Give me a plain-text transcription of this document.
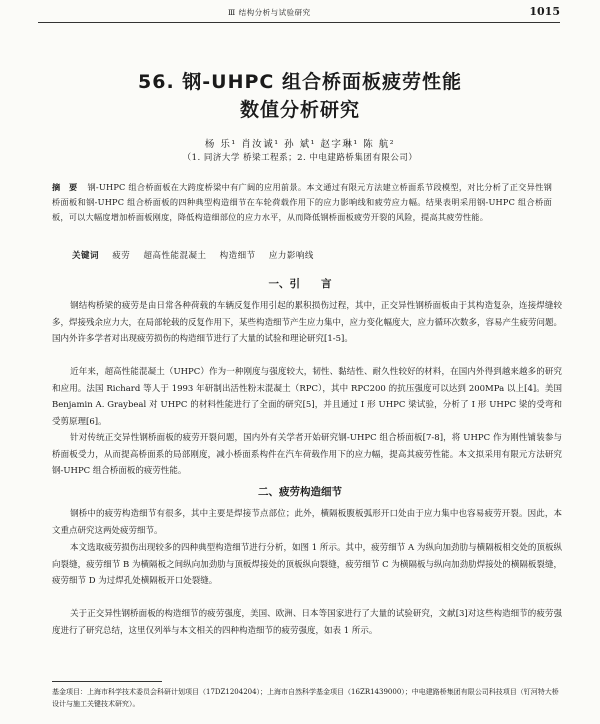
Ⅲ 结构分析与试验研究	1015
56. 钢-UHPC 组合桥面板疲劳性能
数值分析研究
杨 乐¹ 肖汝诚¹ 孙 斌¹ 赵字琳¹ 陈 航²
（1. 同济大学 桥梁工程系；2. 中电建路桥集团有限公司）
摘　要 钢-UHPC 组合桥面板在大跨度桥梁中有广阔的应用前景。本文通过有限元方法建立桥面系节段模型，对比分析了正交异性钢桥面板和钢-UHPC 组合桥面板的四种典型构造细节在车轮荷载作用下的应力影响线和疲劳应力幅。结果表明采用钢-UHPC 组合桥面板，可以大幅度增加桥面板刚度，降低构造细部位的应力水平，从而降低钢桥面板疲劳开裂的风险，提高其疲劳性能。
关键词 疲劳 超高性能混凝土 构造细节 应力影响线
一、引　　言

钢结构桥梁的疲劳是由日常各种荷载的车辆反复作用引起的累积损伤过程，其中，正交异性钢桥面板由于其构造复杂，连接焊缝较多，焊接残余应力大，在局部轮载的反复作用下，某些构造细节产生应力集中，应力变化幅度大，应力循环次数多，容易产生疲劳问题。国内外许多学者对出现疲劳损伤的构造细节进行了大量的试验和理论研究[1-5]。

近年来，超高性能混凝土（UHPC）作为一种刚度与强度较大，韧性、黏结性、耐久性较好的材料，在国内外得到越来越多的研究和应用。法国 Richard 等人于 1993 年研制出活性粉末混凝土（RPC），其中 RPC200 的抗压强度可以达到 200MPa 以上[4]。美国 Benjamin A. Graybeal 对 UHPC 的材料性能进行了全面的研究[5]，并且通过 I 形 UHPC 梁试验，分析了 I 形 UHPC 梁的受弯和受剪原理[6]。

针对传统正交异性钢桥面板的疲劳开裂问题，国内外有关学者开始研究钢-UHPC 组合桥面板[7-8]，将 UHPC 作为刚性铺装参与桥面板受力，从而提高桥面系的局部刚度，减小桥面系构件在汽车荷载作用下的应力幅，提高其疲劳性能。本文拟采用有限元方法研究钢-UHPC 组合桥面板的疲劳性能。

二、疲劳构造细节

钢桥中的疲劳构造细节有很多，其中主要是焊接节点部位；此外，横隔板腹板弧形开口处由于应力集中也容易疲劳开裂。因此，本文重点研究这两处疲劳细节。

本文选取疲劳损伤出现较多的四种典型构造细节进行分析，如图 1 所示。其中，疲劳细节 A 为纵向加劲肋与横隔板相交处的顶板纵向裂缝，疲劳细节 B 为横隔板之间纵向加劲肋与顶板焊接处的顶板纵向裂缝，疲劳细节 C 为横隔板与纵向加劲肋焊接处的横隔板裂缝，疲劳细节 D 为过焊孔处横隔板开口处裂缝。

关于正交异性钢桥面板的构造细节的疲劳强度，美国、欧洲、日本等国家进行了大量的试验研究，文献[3]对这些构造细节的疲劳强度进行了研究总结，这里仅列举与本文相关的四种构造细节的疲劳强度，如表 1 所示。

基金项目：上海市科学技术委员会科研计划项目（17DZ1204204）；上海市自然科学基金项目（16ZR1439000）；中电建路桥集团有限公司科技项目（钉河特大桥设计与施工关键技术研究）。
